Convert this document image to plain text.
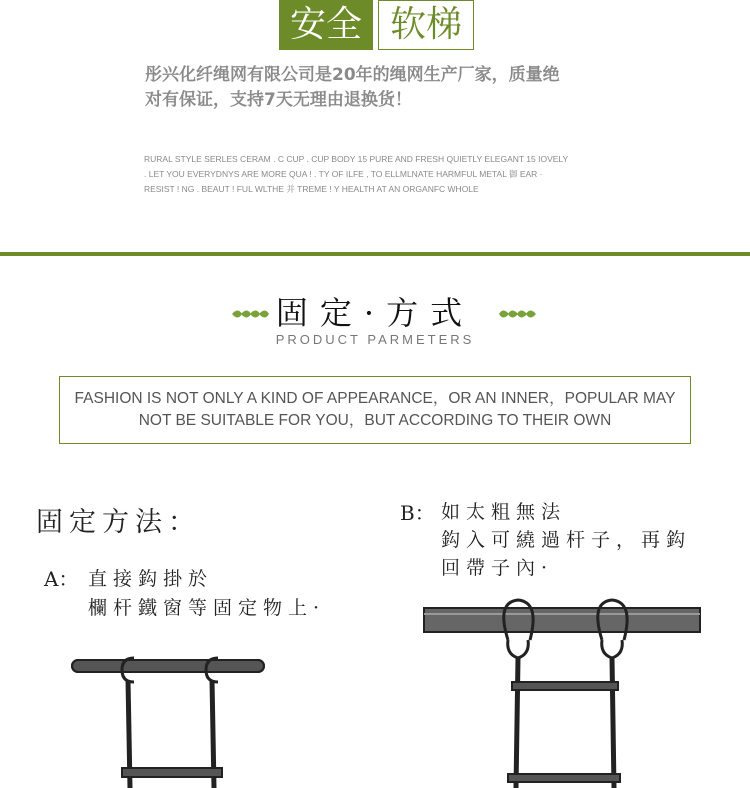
安全 软梯
彤兴化纤绳网有限公司是20年的绳网生产厂家，质量绝
对有保证，支持7天无理由退换货！
RURAL STYLE SERLES CERAM . C CUP . CUP BODY 15 PURE AND FRESH QUIETLY ELEGANT 15 IOVELY
. LET YOU EVERYDNYS ARE MORE QUA ! . TY OF ILFE , TO ELLMLNATE HARMFUL METAL 御 EAR ·
RESIST ! NG . BEAUT ! FUL WLTHE 并 TREME ! Y HEALTH AT AN ORGANFC WHOLE
固定·方式
PRODUCT PARMETERS
FASHION IS NOT ONLY A KIND OF APPEARANCE，OR AN INNER，POPULAR MAY
NOT BE SUITABLE FOR YOU，BUT ACCORDING TO THEIR OWN
固定方法：
A： 直接鈎掛於
欄杆鐵窗等固定物上·
B： 如太粗無法
鈎入可繞過杆子，再鈎
回帶子內·
